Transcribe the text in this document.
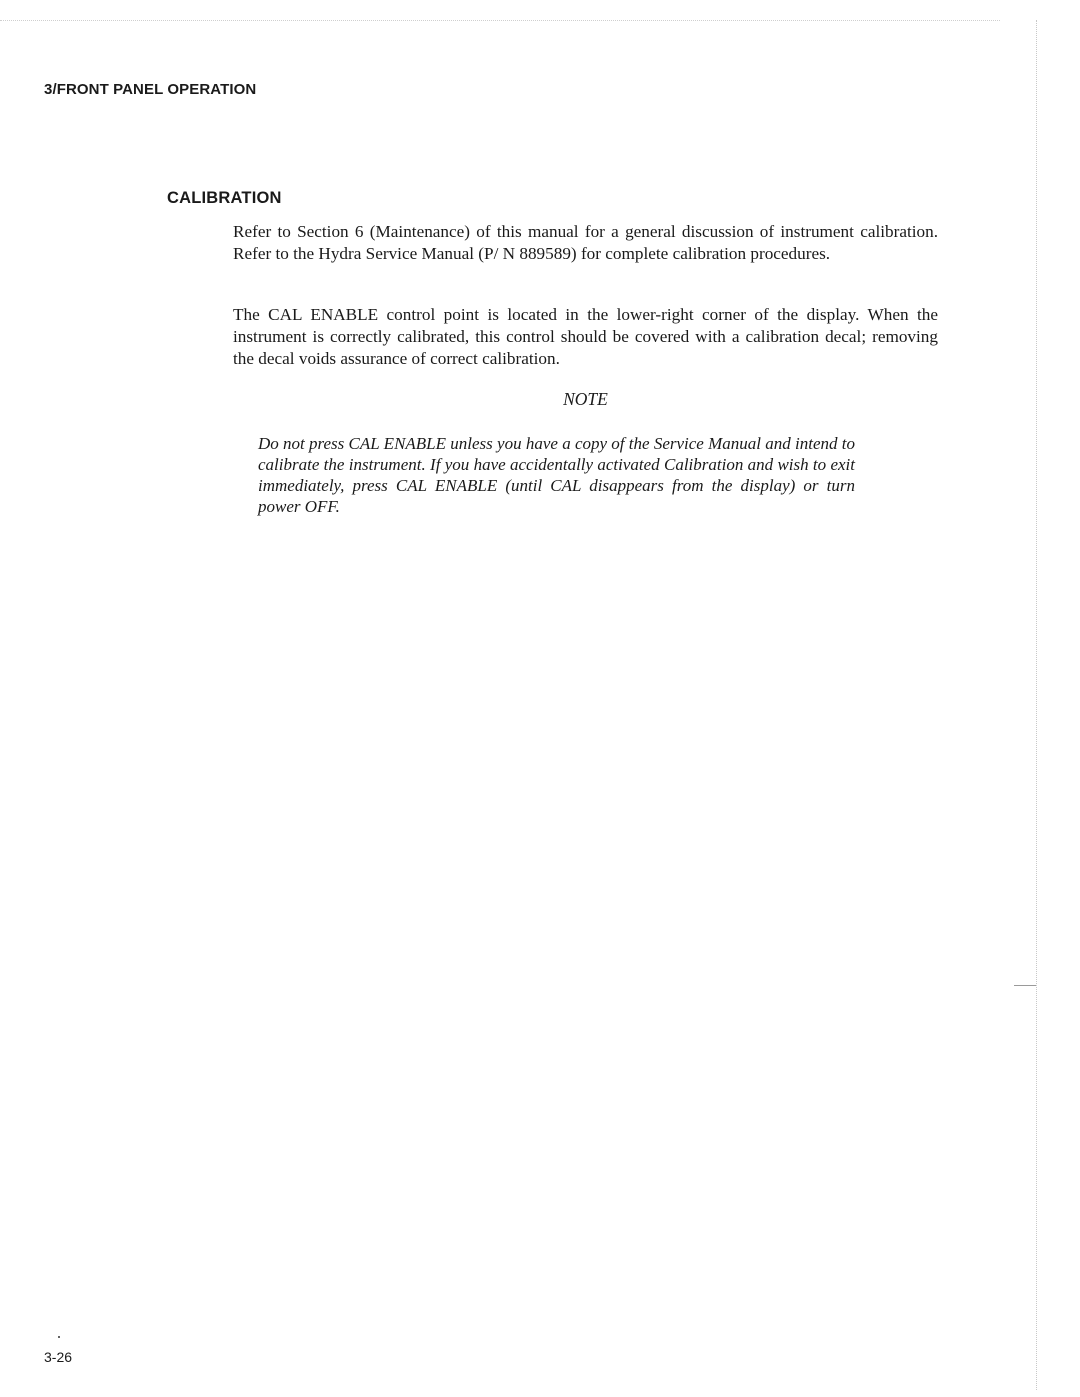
3/FRONT PANEL OPERATION
CALIBRATION

Refer to Section 6 (Maintenance) of this manual for a general discussion of instrument calibration. Refer to the Hydra Service Manual (P/ N 889589) for complete calibration procedures.

The CAL ENABLE control point is located in the lower-right corner of the display. When the instrument is correctly calibrated, this control should be covered with a calibration decal; removing the decal voids assurance of correct calibration.

NOTE

Do not press CAL ENABLE unless you have a copy of the Service Manual and intend to calibrate the instrument. If you have accidentally activated Calibration and wish to exit immediately, press CAL ENABLE (until CAL disappears from the display) or turn power OFF.

3-26
